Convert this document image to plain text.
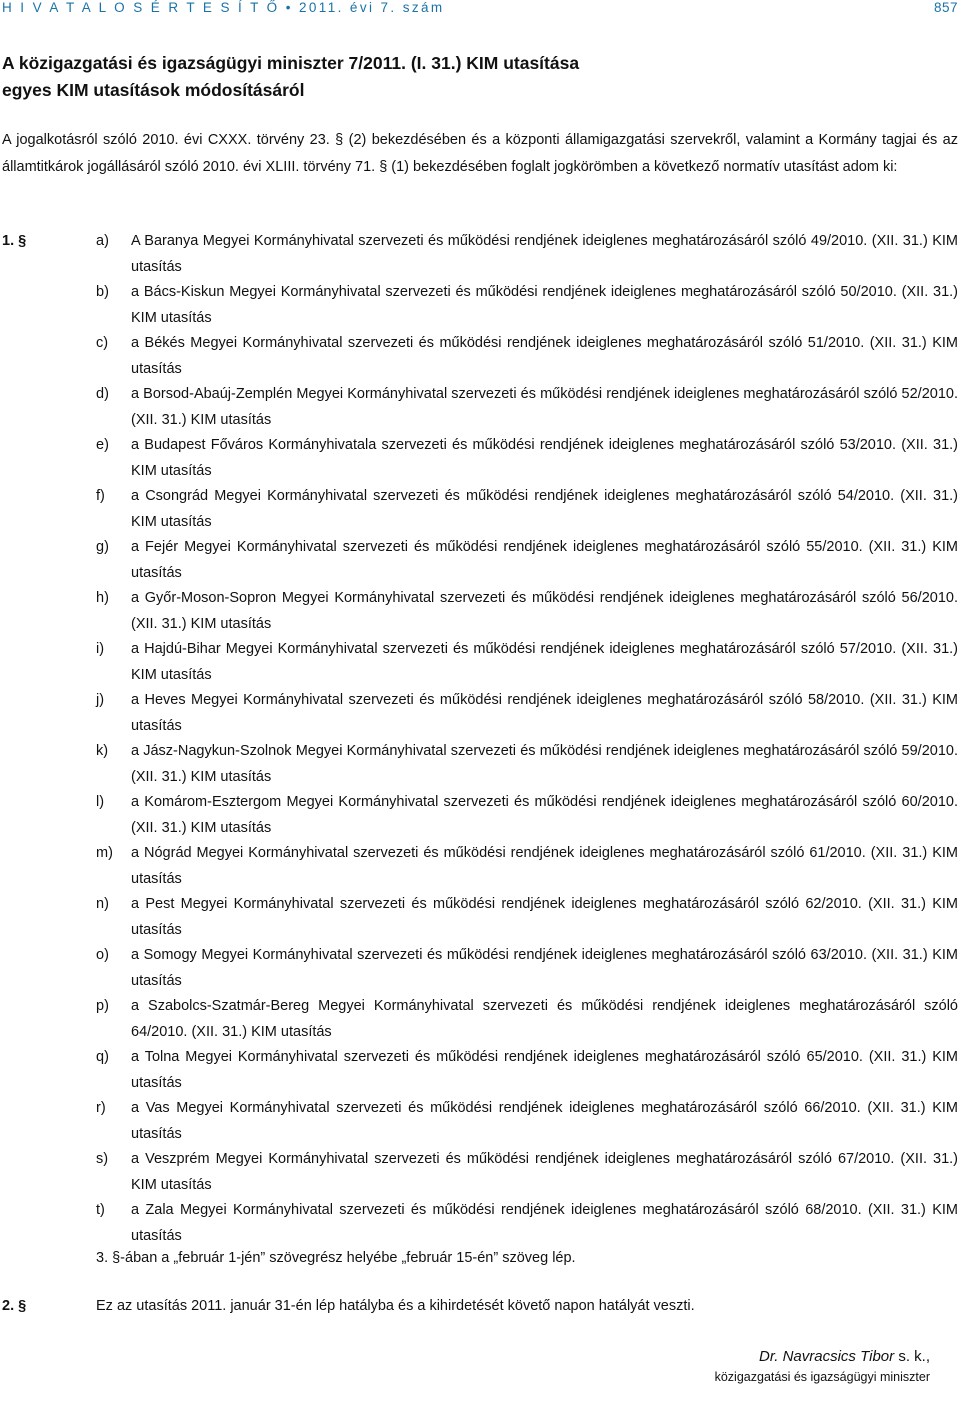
H I V A T A L O S É R T E S Í T Ő • 2011. évi 7. szám	857
A közigazgatási és igazságügyi miniszter 7/2011. (I. 31.) KIM utasítása
egyes KIM utasítások módosításáról
A jogalkotásról szóló 2010. évi CXXX. törvény 23. § (2) bekezdésében és a központi államigazgatási szervekről, valamint a Kormány tagjai és az államtitkárok jogállásáról szóló 2010. évi XLIII. törvény 71. § (1) bekezdésében foglalt jogkörömben a következő normatív utasítást adom ki:
1. §	a)	A Baranya Megyei Kormányhivatal szervezeti és működési rendjének ideiglenes meghatározásáról szóló 49/2010. (XII. 31.) KIM utasítás
b)	a Bács-Kiskun Megyei Kormányhivatal szervezeti és működési rendjének ideiglenes meghatározásáról szóló 50/2010. (XII. 31.) KIM utasítás
c)	a Békés Megyei Kormányhivatal szervezeti és működési rendjének ideiglenes meghatározásáról szóló 51/2010. (XII. 31.) KIM utasítás
d)	a Borsod-Abaúj-Zemplén Megyei Kormányhivatal szervezeti és működési rendjének ideiglenes meghatározásáról szóló 52/2010. (XII. 31.) KIM utasítás
e)	a Budapest Főváros Kormányhivatala szervezeti és működési rendjének ideiglenes meghatározásáról szóló 53/2010. (XII. 31.) KIM utasítás
f)	a Csongrád Megyei Kormányhivatal szervezeti és működési rendjének ideiglenes meghatározásáról szóló 54/2010. (XII. 31.) KIM utasítás
g)	a Fejér Megyei Kormányhivatal szervezeti és működési rendjének ideiglenes meghatározásáról szóló 55/2010. (XII. 31.) KIM utasítás
h)	a Győr-Moson-Sopron Megyei Kormányhivatal szervezeti és működési rendjének ideiglenes meghatározásáról szóló 56/2010. (XII. 31.) KIM utasítás
i)	a Hajdú-Bihar Megyei Kormányhivatal szervezeti és működési rendjének ideiglenes meghatározásáról szóló 57/2010. (XII. 31.) KIM utasítás
j)	a Heves Megyei Kormányhivatal szervezeti és működési rendjének ideiglenes meghatározásáról szóló 58/2010. (XII. 31.) KIM utasítás
k)	a Jász-Nagykun-Szolnok Megyei Kormányhivatal szervezeti és működési rendjének ideiglenes meghatározásáról szóló 59/2010. (XII. 31.) KIM utasítás
l)	a Komárom-Esztergom Megyei Kormányhivatal szervezeti és működési rendjének ideiglenes meghatározásáról szóló 60/2010. (XII. 31.) KIM utasítás
m)	a Nógrád Megyei Kormányhivatal szervezeti és működési rendjének ideiglenes meghatározásáról szóló 61/2010. (XII. 31.) KIM utasítás
n)	a Pest Megyei Kormányhivatal szervezeti és működési rendjének ideiglenes meghatározásáról szóló 62/2010. (XII. 31.) KIM utasítás
o)	a Somogy Megyei Kormányhivatal szervezeti és működési rendjének ideiglenes meghatározásáról szóló 63/2010. (XII. 31.) KIM utasítás
p)	a Szabolcs-Szatmár-Bereg Megyei Kormányhivatal szervezeti és működési rendjének ideiglenes meghatározásáról szóló 64/2010. (XII. 31.) KIM utasítás
q)	a Tolna Megyei Kormányhivatal szervezeti és működési rendjének ideiglenes meghatározásáról szóló 65/2010. (XII. 31.) KIM utasítás
r)	a Vas Megyei Kormányhivatal szervezeti és működési rendjének ideiglenes meghatározásáról szóló 66/2010. (XII. 31.) KIM utasítás
s)	a Veszprém Megyei Kormányhivatal szervezeti és működési rendjének ideiglenes meghatározásáról szóló 67/2010. (XII. 31.) KIM utasítás
t)	a Zala Megyei Kormányhivatal szervezeti és működési rendjének ideiglenes meghatározásáról szóló 68/2010. (XII. 31.) KIM utasítás
3. §-ában a „február 1-jén” szövegrész helyébe „február 15-én” szöveg lép.
2. §	Ez az utasítás 2011. január 31-én lép hatályba és a kihirdetését követő napon hatályát veszti.
Dr. Navracsics Tibor s. k.,
közigazgatási és igazságügyi miniszter
